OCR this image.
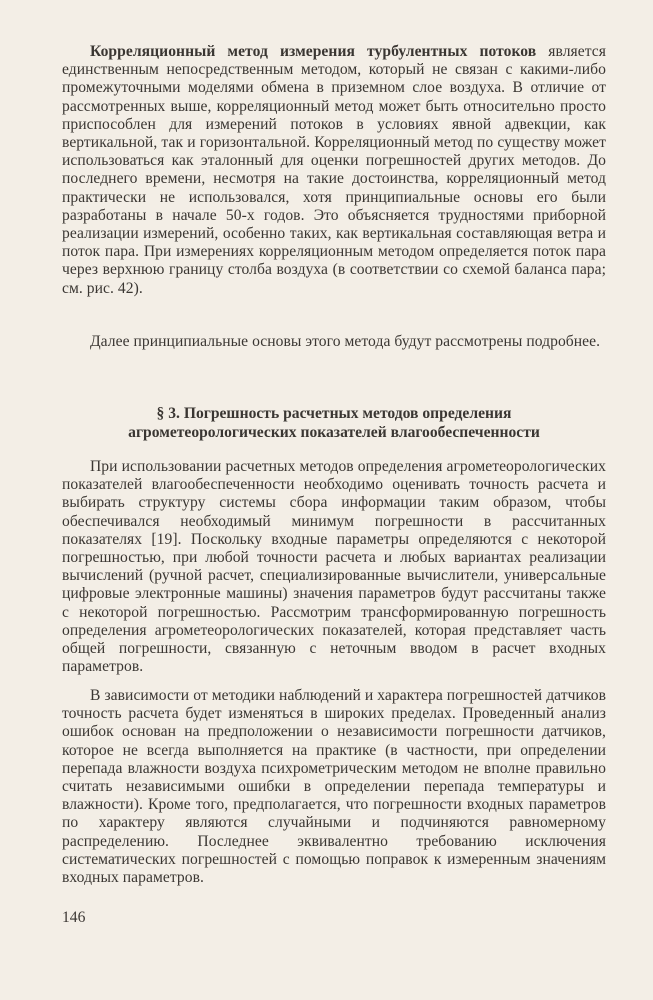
Корреляционный метод измерения турбулентных потоков является единственным непосредственным методом, который не связан с какими-либо промежуточными моделями обмена в приземном слое воздуха. В отличие от рассмотренных выше, корреляционный метод может быть относительно просто приспособлен для измерений потоков в условиях явной адвекции, как вертикальной, так и горизонтальной. Корреляционный метод по существу может использоваться как эталонный для оценки погрешностей других методов. До последнего времени, несмотря на такие достоинства, корреляционный метод практически не использовался, хотя принципиальные основы его были разработаны в начале 50-х годов. Это объясняется трудностями приборной реализации измерений, особенно таких, как вертикальная составляющая ветра и поток пара. При измерениях корреляционным методом определяется поток пара через верхнюю границу столба воздуха (в соответствии со схемой баланса пара; см. рис. 42).

Далее принципиальные основы этого метода будут рассмотрены подробнее.

§ 3. Погрешность расчетных методов определения
агрометеорологических показателей влагообеспеченности

При использовании расчетных методов определения агрометеорологических показателей влагообеспеченности необходимо оценивать точность расчета и выбирать структуру системы сбора информации таким образом, чтобы обеспечивался необходимый минимум погрешности в рассчитанных показателях [19]. Поскольку входные параметры определяются с некоторой погрешностью, при любой точности расчета и любых вариантах реализации вычислений (ручной расчет, специализированные вычислители, универсальные цифровые электронные машины) значения параметров будут рассчитаны также с некоторой погрешностью. Рассмотрим трансформированную погрешность определения агрометеорологических показателей, которая представляет часть общей погрешности, связанную с неточным вводом в расчет входных параметров.

В зависимости от методики наблюдений и характера погрешностей датчиков точность расчета будет изменяться в широких пределах. Проведенный анализ ошибок основан на предположении о независимости погрешности датчиков, которое не всегда выполняется на практике (в частности, при определении перепада влажности воздуха психрометрическим методом не вполне правильно считать независимыми ошибки в определении перепада температуры и влажности). Кроме того, предполагается, что погрешности входных параметров по характеру являются случайными и подчиняются равномерному распределению. Последнее эквивалентно требованию исключения систематических погрешностей с помощью поправок к измеренным значениям входных параметров.

146
